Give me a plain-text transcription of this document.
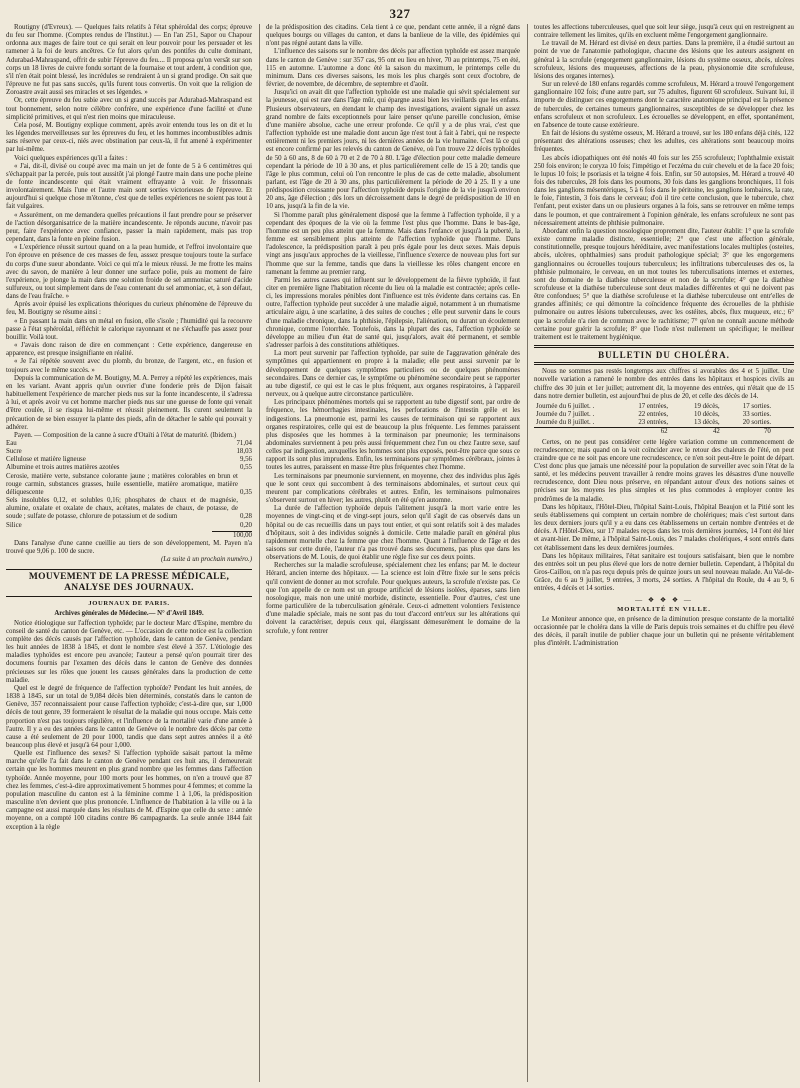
327

Routigny (d'Evreux). — Quelques faits relatifs à l'état sphéroïdal des corps; épreuve du feu sur l'homme. (Comptes rendus de l'Institut.) — En l'an 251, Sapor ou Chapour ordonna aux mages de faire tout ce qui serait en leur pouvoir pour les persuader et les ramener à la foi de leurs ancêtres. Ce fut alors qu'un des pontifes du culte dominant, Adurabad-Mahraspand, offrit de subir l'épreuve du feu.... Il proposa qu'on versât sur son corps un 18 livres de cuivre fondu sortant de la fournaise et tout ardent, à condition que, s'il n'en était point blessé, les incrédules se rendraient à un si grand prodige. On sait que l'épreuve ne fut pas sans succès, qu'ils furent tous convertis. On voit que la religion de Zoroastre avait aussi ses miracles et ses légendes. »

Or, cette épreuve du feu subie avec un si grand succès par Adurabad-Mahraspand est tout bonnement, selon notre célèbre confrère, une expérience d'une facilité et d'une simplicité primitives, et qui n'est rien moins que miraculeuse.

Cela posé, M. Boutigny explique comment, après avoir entendu tous les on dit et lu les légendes merveilleuses sur les épreuves du feu, et les hommes incombustibles admis sans réserve par ceux-ci, niés avec obstination par ceux-là, il fut amené à expérimenter par lui-même.

Voici quelques expériences qu'il a faites :

« J'ai, dit-il, divisé ou coupé avec ma main un jet de fonte de 5 à 6 centimètres qui s'échappait par la percée, puis tout aussitôt j'ai plongé l'autre main dans une poche pleine de fonte incandescente qui était vraiment effrayante à voir. Je frissonnais involontairement. Mais l'une et l'autre main sont sorties victorieuses de l'épreuve. Et aujourd'hui si quelque chose m'étonne, c'est que de telles expériences ne soient pas tout à fait vulgaires.

« Assurément, on me demandera quelles précautions il faut prendre pour se préserver de l'action désorganisatrice de la matière incandescente. Je réponds aucune, n'avoir pas peur, faire l'expérience avec confiance, passer la main rapidement, mais pas trop cependant, dans la fonte en pleine fusion.

« L'expérience réussit surtout quand on a la peau humide, et l'effroi involontaire que l'on éprouve en présence de ces masses de feu, asssez presque toujours toute la surface du corps d'une sueur abondante. Voici ce qui m'a le mieux réussi. Je me frotte les mains avec du savon, de manière à leur donner une surface polie, puis au moment de faire l'expérience, je plonge la main dans une solution froide de sel ammoniac saturé d'acide sulfureux, ou tout simplement dans de l'eau contenant du sel ammoniac, et, à son défaut, dans de l'eau fraîche. »

Après avoir épuisé les explications théoriques du curieux phénomène de l'épreuve du feu, M. Boutigny se résume ainsi :

« En passant la main dans un métal en fusion, elle s'isole ; l'humidité qui la recouvre passe à l'état sphéroïdal, réfléchit le calorique rayonnant et ne s'échauffe pas assez pour bouillir. Voilà tout.

« J'avais donc raison de dire en commençant : Cette expérience, dangereuse en apparence, est presque insignifiante en réalité.

« Je l'ai répétée souvent avec du plomb, du bronze, de l'argent, etc., en fusion et toujours avec le même succès. »

Depuis la communication de M. Boutigny, M. A. Perrey a répété les expériences, mais en les variant. Avant appris qu'un ouvrier d'une fonderie près de Dijon faisait habituellement l'expérience de marcher pieds nus sur la fonte incandescente, il s'adressa à lui, et après avoir vu cet homme marcher pieds nus sur une gueuse de fonte qui venait d'être coulée, il se risqua lui-même et réussit pleinement. Ils curent seulement la précaution de se bien essuyer la plante des pieds, afin de détacher le sable qui pouvait y adhérer.

Payen. — Composition de la canne à sucre d'Otaïti à l'état de maturité. (Ibidem.)

Eau	71,04
Sucre	18,03
Cellulose et matière ligneuse	9,56
Albumine et trois autres matières azotées	0,55
Cerosie, matière verte, substance colorante jaune ; matières colorables en brun et rouge carmin, substances grasses, huile essentielle, matière aromatique, matière déliquescente	0,35
Sels insolubles 0,12, et solubles 0,16; phosphates de chaux et de magnésie, alumine, oxalate et oxalate de chaux, acétates, malates de chaux, de potasse, de soude ; sulfate de potasse, chlorure de potassium et de sodium	0,28
Silice	0,20
100,00

Dans l'analyse d'une canne cueillie au tiers de son développement, M. Payen n'a trouvé que 9,06 p. 100 de sucre.

(La suite à un prochain numéro.)
MOUVEMENT DE LA PRESSE MÉDICALE, ANALYSE DES JOURNAUX.
JOURNAUX DE PARIS.
Archives générales de Médecine.— N° d'Avril 1849.

Notice étiologique sur l'affection typhoïde; par le docteur Marc d'Espine, membre du conseil de santé du canton de Genève, etc. — L'occasion de cette notice est la collection complète des décès causés par l'affection typhoïde, dans le canton de Genève, pendant les huit années de 1838 à 1845, et dont le nombre s'est élevé à 357. L'étiologie des maladies typhoïdes est encore peu avancée; l'auteur a pensé qu'on pourrait tirer des documens fournis par l'examen des décès dans le canton de Genève des données précieuses sur les rôles que jouent les causes générales dans la production de cette maladie.

Quel est le degré de fréquence de l'affection typhoïde? Pendant les huit années, de 1838 à 1845, sur un total de 9,084 décès bien déterminés, constatés dans le canton de Genève, 357 reconnaissaient pour cause l'affection typhoïde; c'est-à-dire que, sur 1,000 décès de tout genre, 39 formeraient le résultat de la maladie qui nous occupe. Mais cette proportion n'est pas toujours régulière, et l'influence de la mortalité varie d'une année à l'autre. Il y a eu des années dans le canton de Genève où le nombre des décès par cette cause a été seulement de 20 pour 1000, tandis que dans sept autres années il a été beaucoup plus élevé et jusqu'à 64 pour 1,000.

Quelle est l'influence des sexes? Si l'affection typhoïde saisait partout la même marche qu'elle l'a fait dans le canton de Genève pendant ces huit ans, il demeurerait certain que les hommes meurent en plus grand nombre que les femmes dans l'affection typhoïde. Année moyenne, pour 100 morts pour les hommes, on n'en a trouvé que 87 chez les femmes, c'est-à-dire approximativement 5 hommes pour 4 femmes; et comme la population masculine du canton est à la féminine comme 1 à 1,06, la prédisposition masculine n'en devient que plus prononcée. L'influence de l'habitation à la ville ou à la campagne est aussi marquée dans les résultats de M. d'Espine que celle du sexe : année moyenne, on a compté 100 citadins contre 86 campagnards. La seule année 1844 fait exception à la règle

de la prédisposition des citadins. Cela tient à ce que, pendant cette année, il a régné dans quelques bourgs ou villages du canton, et dans la banlieue de la ville, des épidémies qui n'ont pas régné autant dans la ville.

L'influence des saisons sur le nombre des décès par affection typhoïde est assez marquée dans le canton de Genève : sur 357 cas, 95 ont eu lieu en hiver, 70 au printemps, 75 en été, 115 en automne. L'automne a donc été la saison du maximum, le printemps celle du minimum. Dans ces diverses saisons, les mois les plus chargés sont ceux d'octobre, de février, de novembre, de décembre, de septembre et d'août.

Jusqu'ici on avait dit que l'affection typhoïde est une maladie qui sévit spécialement sur la jeunesse, qui est rare dans l'âge mûr, qui épargne aussi bien les vieillards que les enfans. Plusieurs observateurs, en étendant le champ des investigations, avaient signalé un assez grand nombre de faits exceptionnels pour laire penser qu'une pareille conclusion, émise d'une manière absolue, cache une erreur profonde. Ce qu'il y a de plus vrai, c'est que l'affection typhoïde est une maladie dont aucun âge n'est tout à fait à l'abri, qui ne respecte entièrement ni les premiers jours, ni les dernières années de la vie humaine. C'est là ce qui est encore confirmé par les relevés du canton de Genève, où l'on trouve 22 décès typhoïdes de 50 à 60 ans, 8 de 60 à 70 et 2 de 70 à 80. L'âge d'élection pour cette maladie demeure cependant la période de 10 à 30 ans, et plus particulièrement celle de 15 à 20; tandis que l'âge le plus commun, celui où l'on rencontre le plus de cas de cette maladie, absolument parlant, est l'âge de 20 à 30 ans, plus particulièrement la période de 20 à 25. Il y a une prédisposition croissante pour l'affection typhoïde depuis l'origine de la vie jusqu'à environ 20 ans, âge d'élection ; dès lors un décroissement dans le degré de prédisposition de 10 en 10 ans, jusqu'à la fin de la vie.

Si l'homme paraît plus généralement disposé que la femme à l'affection typhoïde, il y a cependant des époques de la vie où la femme l'est plus que l'homme. Dans le bas-âge, l'homme est un peu plus atteint que la femme. Mais dans l'enfance et jusqu'à la puberté, la femme est sensiblement plus atteinte de l'affection typhoïde que l'homme. Dans l'adolescence, la prédisposition paraît à peu près égale pour les deux sexes. Mais depuis vingt ans jusqu'aux approches de la vieillesse, l'influence s'exerce de nouveau plus fort sur l'homme que sur la femme, tandis que dans la vieillesse les rôles changent encore en ramenant la femme au premier rang.

Parmi les autres causes qui influent sur le développement de la fièvre typhoïde, il faut citer en première ligne l'habitation récente du lieu où la maladie est contractée; après celle-ci, les impressions morales pénibles dont l'influence est très évidente dans certains cas. En outre, l'affection typhoïde peut succéder à une maladie aiguë, notamment à un rhumatisme articulaire aigu, à une scarlatine, à des suites de couches ; elle peut survenir dans le cours d'une maladie chronique, dans la phthisie, l'épilepsie, l'aliénation, ou durant un écoulement chronique, comme l'otorrhée. Toutefois, dans la plupart des cas, l'affection typhoïde se développe au milieu d'un état de santé qui, jusqu'alors, avait été permanent, et semble s'adresser parfois à des constitutions athlétiques.

La mort peut survenir par l'affection typhoïde, par suite de l'aggravation générale des symptômes qui appartiennent en propre à la maladie; elle peut aussi survenir par le développement de quelques symptômes particuliers ou de quelques phénomènes secondaires. Dans ce dernier cas, le symptôme ou phénomène secondaire peut se rapporter au tube digestif, ce qui est le cas le plus fréquent, aux organes respiratoires, à l'appareil nerveux, ou à quelque autre circonstance particulière.

Les principaux phénomènes mortels qui se rapportent au tube digestif sont, par ordre de fréquence, les hémorrhagies intestinales, les perforations de l'intestin grêle et les indigestions. La pneumonie est, parmi les causes de terminaison qui se rapportent aux organes respiratoires, celle qui est de beaucoup la plus fréquente. Les femmes paraissent plus disposées que les hommes à la terminaison par pneumonie; les terminaisons abdominales surviennent à peu près aussi fréquemment chez l'un ou chez l'autre sexe, sauf celles par indigestion, auxquelles les hommes sont plus exposés, peut-être parce que sous ce rapport ils sont plus imprudens. Enfin, les terminaisons par symptômes cérébraux, jointes à toutes les autres, paraissent en masse être plus fréquentes chez l'homme.

Les terminaisons par pneumonie surviennent, en moyenne, chez des individus plus âgés que le sont ceux qui succombent à des terminaisons abdominales, et surtout ceux qui meurent par complications cérébrales et autres. Enfin, les terminaisons pulmonaires s'observent surtout en hiver; les autres, plutôt en été qu'en automne.

La durée de l'affection typhoïde depuis l'alitement jusqu'à la mort varie entre les moyennes de vingt-cinq et de vingt-sept jours, selon qu'il s'agit de cas observés dans un hôpital ou de cas recueillis dans un pays tout entier, et qui sont relatifs soit à des malades d'hôpitaux, soit à des individus soignés à domicile. Cette maladie paraît en général plus rapidement mortelle chez la femme que chez l'homme. Quant à l'influence de l'âge et des saisons sur cette durée, l'auteur n'a pas trouvé dans ses documens, pas plus que dans les observations de M. Louis, de quoi établir une règle fixe sur ces deux points.

Recherches sur la maladie scrofuleuse, spécialement chez les enfans; par M. le docteur Hérard, ancien interne des hôpitaux. — La science est loin d'être fixée sur le sens précis qu'il convient de donner au mot scrofule. Pour quelques auteurs, la scrofule n'existe pas. Ce que l'on appelle de ce nom est un groupe artificiel de lésions isolées, éparses, sans lien nosologique, mais non une unité morbide, distincte, essentielle. Pour d'autres, c'est une forme particulière de la tuberculisation générale. Ceux-ci admettent volontiers l'existence d'une maladie spéciale, mais ne sont pas du tout d'accord entr'eux sur les altérations qui doivent la caractériser, depuis ceux qui, élargissant démesurément le domaine de la scrofule, y font rentrer

toutes les affections tuberculeuses, quel que soit leur siège, jusqu'à ceux qui en restreignent au contraire tellement les limites, qu'ils en excluent même l'engorgement ganglionnaire.

Le travail de M. Hérard est divisé en deux parties. Dans la première, il a étudié surtout au point de vue de l'anatomie pathologique, chacune des lésions que les auteurs assignent en général à la scrofule (engorgement ganglionnaire, lésions du système osseux, abcès, ulcères scrofuleux, lésions des muqueuses, affections de la peau, physionomie dite scrofuleuse, lésions des organes internes).

Sur un relevé de 180 enfans regardés comme scrofuleux, M. Hérard a trouvé l'engorgement ganglionnaire 102 fois; d'une autre part, sur 75 adultes, figurent 60 scrofuleux. Suivant lui, il importe de distinguer ces engorgemens dont le caractère anatomique principal est la présence de tubercules, de certaines tumeurs ganglionnaires, susceptibles de se développer chez les enfans scrofuleux et non scrofuleux. Les écrouelles se développent, en effet, spontanément, en l'absence de toute cause extérieure.

En fait de lésions du système osseux, M. Hérard a trouvé, sur les 180 enfans déjà cités, 122 présentant des altérations osseuses; chez les adultes, ces altérations sont beaucoup moins fréquentes.

Les abcès idiopathiques ont été notés 40 fois sur les 255 scrofuleux; l'ophthalmie existait 250 fois environ; le coryza 10 fois; l'impétigo et l'eczéma du cuir chevelu et de la face 20 fois; le lupus 10 fois; le psoriasis et la teigne 4 fois. Enfin, sur 50 autopsies, M. Hérard a trouvé 40 fois des tubercules, 28 fois dans les poumons, 30 fois dans les ganglions bronchiques, 11 fois dans les ganglions mésentériques, 5 à 6 fois dans le péritoine, les ganglions lombaires, la rate, le foie, l'intestin, 3 fois dans le cerveau; d'où il tire cette conclusion, que le tubercule, chez l'enfant, peut exister dans un ou plusieurs organes à la fois, sans se retrouver en même temps dans le poumon, et que contrairement à l'opinion générale, les enfans scrofuleux ne sont pas nécessairement atteints de phthisie pulmonaire.

Abordant enfin la question nosologique proprement dite, l'auteur établit: 1° que la scrofule existe comme maladie distincte, essentielle; 2° que c'est une affection générale, constitutionnelle, presque toujours héréditaire, avec manifestations locales multiples (osteites, abcès, ulcères, ophthalmies) sans produit pathologique spécial; 3° que les engorgemens ganglionnaires ou écrouelles toujours tuberculeux; les infiltrations tuberculeuses des os, la phthisie pulmonaire, le cerveau, en un mot toutes les tuberculisations internes et externes, sont du domaine de la diathèse tuberculeuse et non de la scrofule; 4° que la diathèse scrofuleuse et la diathèse tuberculeuse sont deux maladies différentes et qui ne doivent pas être confondues; 5° que la diathèse scrofuleuse et la diathèse tuberculeuse ont entr'elles de grandes affinités; ce qui démontre la coïncidence fréquente des écrouelles de la phthisie pulmonaire ou autres lésions tuberculeuses, avec les ostéites, abcès, flux muqueux, etc.; 6° que la scrofule n'a rien de commun avec le rachitisme; 7° qu'on ne connaît aucune méthode certaine pour guérir la scrofule; 8° que l'iode n'est nullement un spécifique; le meilleur traitement est le traitement hygiénique.

BULLETIN DU CHOLÉRA.

Nous ne sommes pas restés longtemps aux chiffres si avorables des 4 et 5 juillet. Une nouvelle variation a ramené le nombre des entrées dans les hôpitaux et hospices civils au chiffre des 30 juin et 1er juillet; autrement dit, la moyenne des entrées, qui n'était que de 15 dans notre dernier bulletin, est aujourd'hui de plus de 20, et celle des décès de 14.

Journée du 6 juillet. .	17 entrées,	19 décès,	17 sorties.
Journée du 7 juillet. .	22 entrées,	10 décès,	33 sorties.
Journée du 8 juillet. .	23 entrées,	13 décès,	20 sorties.
	62	42	70

Certes, on ne peut pas considérer cette légère variation comme un commencement de recrudescence; mais quand on la voit coïncider avec le retour des chaleurs de l'été, on peut craindre que ce ne soit pas encore une recrudescence, ce n'en soit peut-être le point de départ. C'est donc plus que jamais une nécessité pour la population de surveiller avec soin l'état de la santé, et les médecins peuvent travailler à rendre moins graves les désastres d'une nouvelle recrudescence, dont Dieu nous préserve, en répandant autour d'eux des notions saines et précises sur les moyens les plus simples et les plus commodes à employer contre les prodrômes de la maladie.

Dans les hôpitaux, l'Hôtel-Dieu, l'hôpital Saint-Louis, l'hôpital Beaujon et la Pitié sont les seuls établissemens qui comptent un certain nombre de cholériques; mais c'est surtout dans les deux derniers jours qu'il y a eu dans ces établissemens un certain nombre d'entrées et de décès. A l'Hôtel-Dieu, sur 17 malades reçus dans les trois dernières journées, 14 l'ont été hier et avant-hier. De même, à l'hôpital Saint-Louis, des 7 malades cholériques, 4 sont entrés dans cet établissement dans les deux dernières journées.

Dans les hôpitaux militaires, l'état sanitaire est toujours satisfaisant, bien que le nombre des entrées soit un peu plus élevé que lors de notre dernier bulletin. Cependant, à l'hôpital du Gros-Caillou, on n'a pas reçu depuis près de quinze jours un seul nouveau malade. Au Val-de-Grâce, du 6 au 9 juillet, 9 entrées, 3 morts, 24 sorties. A l'hôpital du Roule, du 4 au 9, 6 entrées, 4 décès et 14 sorties.

— ❖ ❖ ❖ —
MORTALITÉ EN VILLE.

Le Moniteur annonce que, en présence de la diminution presque constante de la mortalité occasionnée par le choléra dans la ville de Paris depuis trois semaines et du chiffre peu élevé des décès, il paraît inutile de publier chaque jour un bulletin qui ne présente véritablement plus d'intérêt. L'administration
